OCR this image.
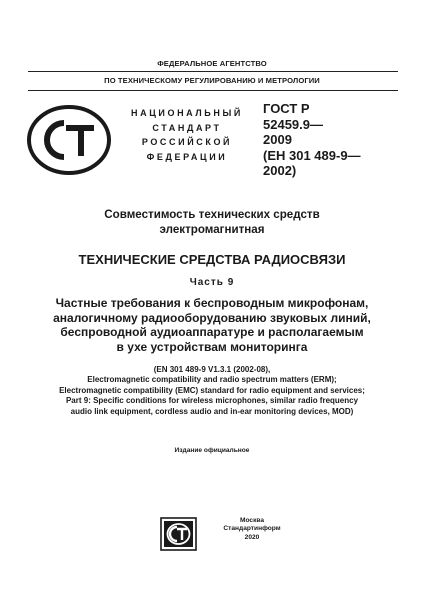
ФЕДЕРАЛЬНОЕ АГЕНТСТВО
ПО ТЕХНИЧЕСКОМУ РЕГУЛИРОВАНИЮ И МЕТРОЛОГИИ
НАЦИОНАЛЬНЫЙ
СТАНДАРТ
РОССИЙСКОЙ
ФЕДЕРАЦИИ
ГОСТ Р
52459.9—
2009
(ЕН 301 489-9—
2002)
Совместимость технических средств
электромагнитная
ТЕХНИЧЕСКИЕ СРЕДСТВА РАДИОСВЯЗИ
Часть 9
Частные требования к беспроводным микрофонам,
аналогичному радиооборудованию звуковых линий,
беспроводной аудиоаппаратуре и располагаемым
в ухе устройствам мониторинга
(EN 301 489-9 V1.3.1 (2002-08),
Electromagnetic compatibility and radio spectrum matters (ERM);
Electromagnetic compatibility (EMC) standard for radio equipment and services;
Part 9: Specific conditions for wireless microphones, similar radio frequency
audio link equipment, cordless audio and in-ear monitoring devices, MOD)
Издание официальное
Москва
Стандартинформ
2020
